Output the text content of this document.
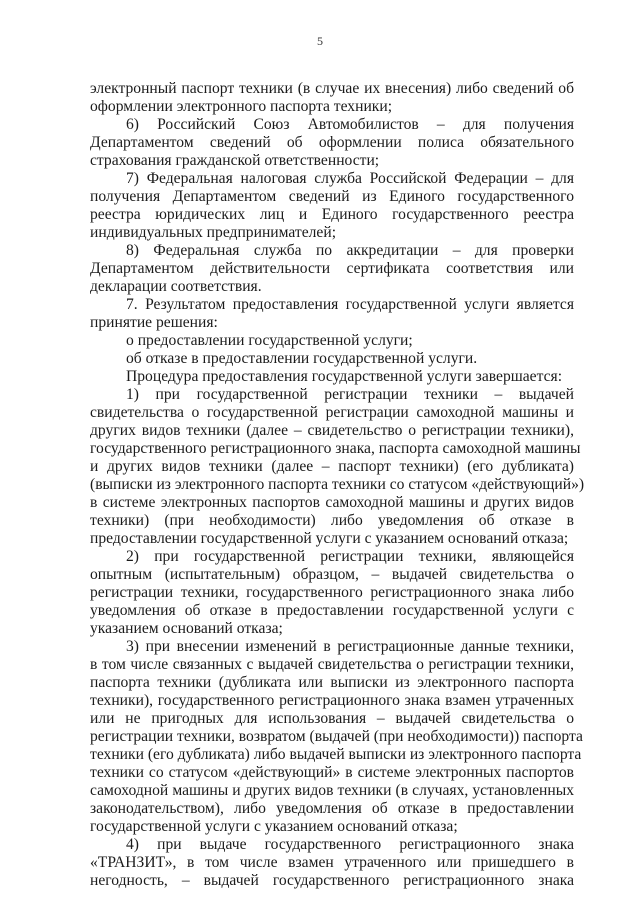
5
электронный паспорт техники (в случае их внесения) либо сведений об
оформлении электронного паспорта техники;
6) Российский Союз Автомобилистов – для получения
Департаментом сведений об оформлении полиса обязательного
страхования гражданской ответственности;
7) Федеральная налоговая служба Российской Федерации – для
получения Департаментом сведений из Единого государственного
реестра юридических лиц и Единого государственного реестра
индивидуальных предпринимателей;
8) Федеральная служба по аккредитации – для проверки
Департаментом действительности сертификата соответствия или
декларации соответствия.
7. Результатом предоставления государственной услуги является
принятие решения:
о предоставлении государственной услуги;
об отказе в предоставлении государственной услуги.
Процедура предоставления государственной услуги завершается:
1) при государственной регистрации техники – выдачей
свидетельства о государственной регистрации самоходной машины и
других видов техники (далее – свидетельство о регистрации техники),
государственного регистрационного знака, паспорта самоходной машины
и других видов техники (далее – паспорт техники) (его дубликата)
(выписки из электронного паспорта техники со статусом «действующий»)
в системе электронных паспортов самоходной машины и других видов
техники) (при необходимости) либо уведомления об отказе в
предоставлении государственной услуги с указанием оснований отказа;
2) при государственной регистрации техники, являющейся
опытным (испытательным) образцом, – выдачей свидетельства о
регистрации техники, государственного регистрационного знака либо
уведомления об отказе в предоставлении государственной услуги с
указанием оснований отказа;
3) при внесении изменений в регистрационные данные техники,
в том числе связанных с выдачей свидетельства о регистрации техники,
паспорта техники (дубликата или выписки из электронного паспорта
техники), государственного регистрационного знака взамен утраченных
или не пригодных для использования – выдачей свидетельства о
регистрации техники, возвратом (выдачей (при необходимости)) паспорта
техники (его дубликата) либо выдачей выписки из электронного паспорта
техники со статусом «действующий» в системе электронных паспортов
самоходной машины и других видов техники (в случаях, установленных
законодательством), либо уведомления об отказе в предоставлении
государственной услуги с указанием оснований отказа;
4) при выдаче государственного регистрационного знака
«ТРАНЗИТ», в том числе взамен утраченного или пришедшего в
негодность, – выдачей государственного регистрационного знака
